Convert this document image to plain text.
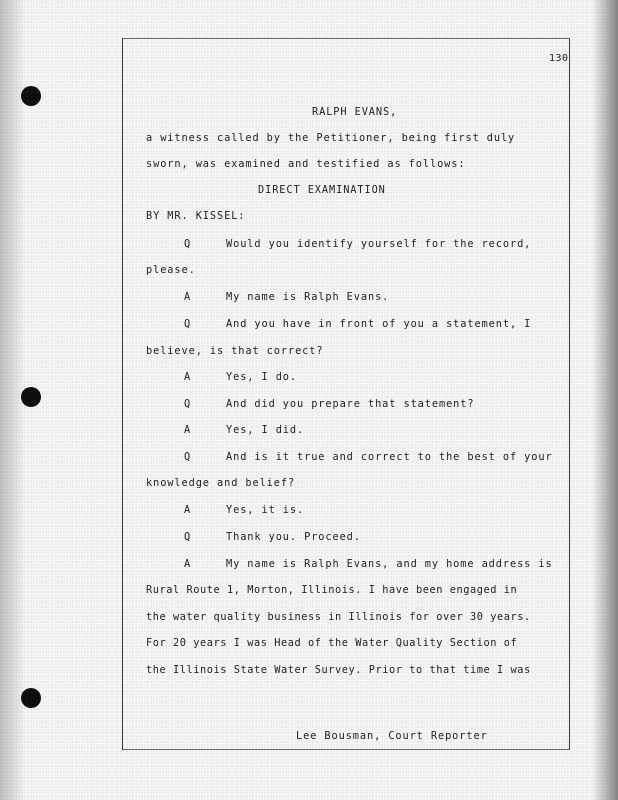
130
RALPH EVANS,
a witness called by the Petitioner, being first duly
sworn, was examined and testified as follows:
DIRECT EXAMINATION
BY MR. KISSEL:
Q	Would you identify yourself for the record,
please.
A	My name is Ralph Evans.
Q	And you have in front of you a statement, I
believe, is that correct?
A	Yes, I do.
Q	And did you prepare that statement?
A	Yes, I did.
Q	And is it true and correct to the best of your
knowledge and belief?
A	Yes, it is.
Q	Thank you. Proceed.
A	My name is Ralph Evans, and my home address is
Rural Route 1, Morton, Illinois. I have been engaged in
the water quality business in Illinois for over 30 years.
For 20 years I was Head of the Water Quality Section of
the Illinois State Water Survey. Prior to that time I was
Lee Bousman, Court Reporter
